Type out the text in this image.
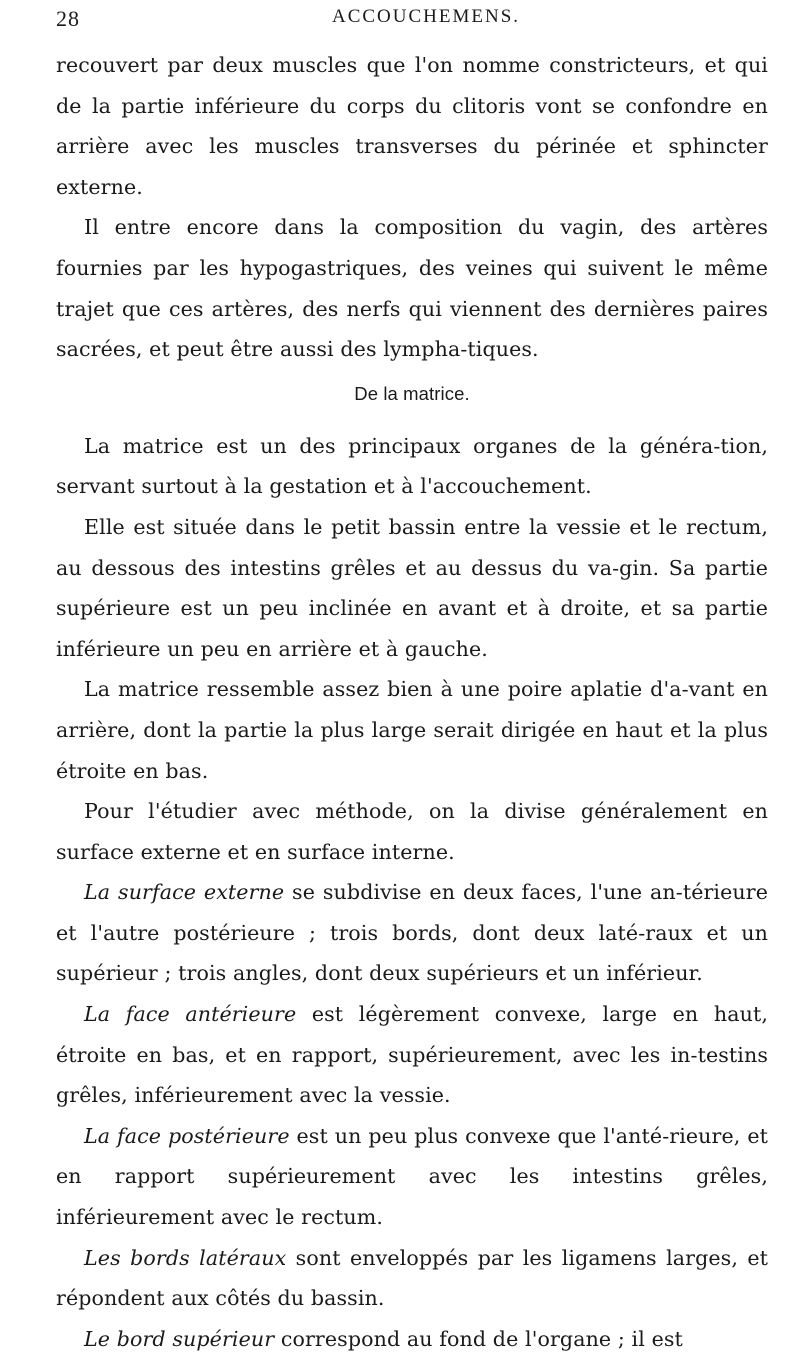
28	ACCOUCHEMENS.

recouvert par deux muscles que l'on nomme constricteurs, et qui de la partie inférieure du corps du clitoris vont se confondre en arrière avec les muscles transverses du périnée et sphincter externe.

Il entre encore dans la composition du vagin, des artères fournies par les hypogastriques, des veines qui suivent le même trajet que ces artères, des nerfs qui viennent des dernières paires sacrées, et peut être aussi des lympha-tiques.

De la matrice.

La matrice est un des principaux organes de la généra-tion, servant surtout à la gestation et à l'accouchement.

Elle est située dans le petit bassin entre la vessie et le rectum, au dessous des intestins grêles et au dessus du va-gin. Sa partie supérieure est un peu inclinée en avant et à droite, et sa partie inférieure un peu en arrière et à gauche.

La matrice ressemble assez bien à une poire aplatie d'a-vant en arrière, dont la partie la plus large serait dirigée en haut et la plus étroite en bas.

Pour l'étudier avec méthode, on la divise généralement en surface externe et en surface interne.

La surface externe se subdivise en deux faces, l'une an-térieure et l'autre postérieure ; trois bords, dont deux laté-raux et un supérieur ; trois angles, dont deux supérieurs et un inférieur.

La face antérieure est légèrement convexe, large en haut, étroite en bas, et en rapport, supérieurement, avec les in-testins grêles, inférieurement avec la vessie.

La face postérieure est un peu plus convexe que l'anté-rieure, et en rapport supérieurement avec les intestins grêles, inférieurement avec le rectum.

Les bords latéraux sont enveloppés par les ligamens larges, et répondent aux côtés du bassin.

Le bord supérieur correspond au fond de l'organe ; il est
